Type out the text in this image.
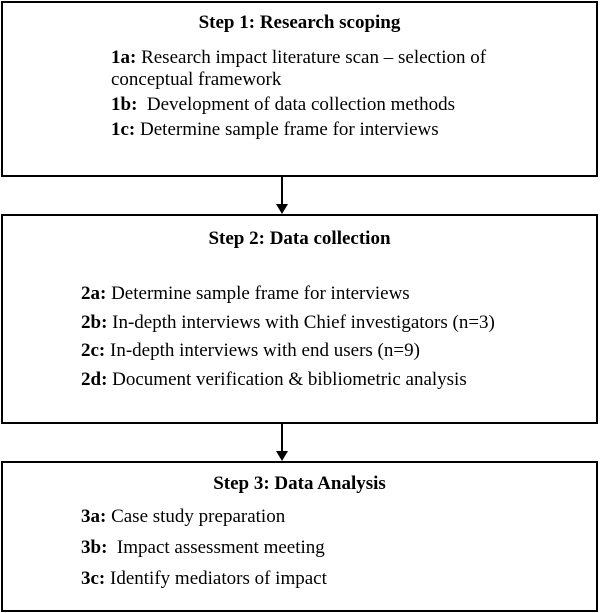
Step 1: Research scoping
1a: Research impact literature scan – selection of
conceptual framework
1b:  Development of data collection methods
1c: Determine sample frame for interviews
Step 2: Data collection
2a: Determine sample frame for interviews
2b: In-depth interviews with Chief investigators (n=3)
2c: In-depth interviews with end users (n=9)
2d: Document verification & bibliometric analysis
Step 3: Data Analysis
3a: Case study preparation
3b:  Impact assessment meeting
3c: Identify mediators of impact
